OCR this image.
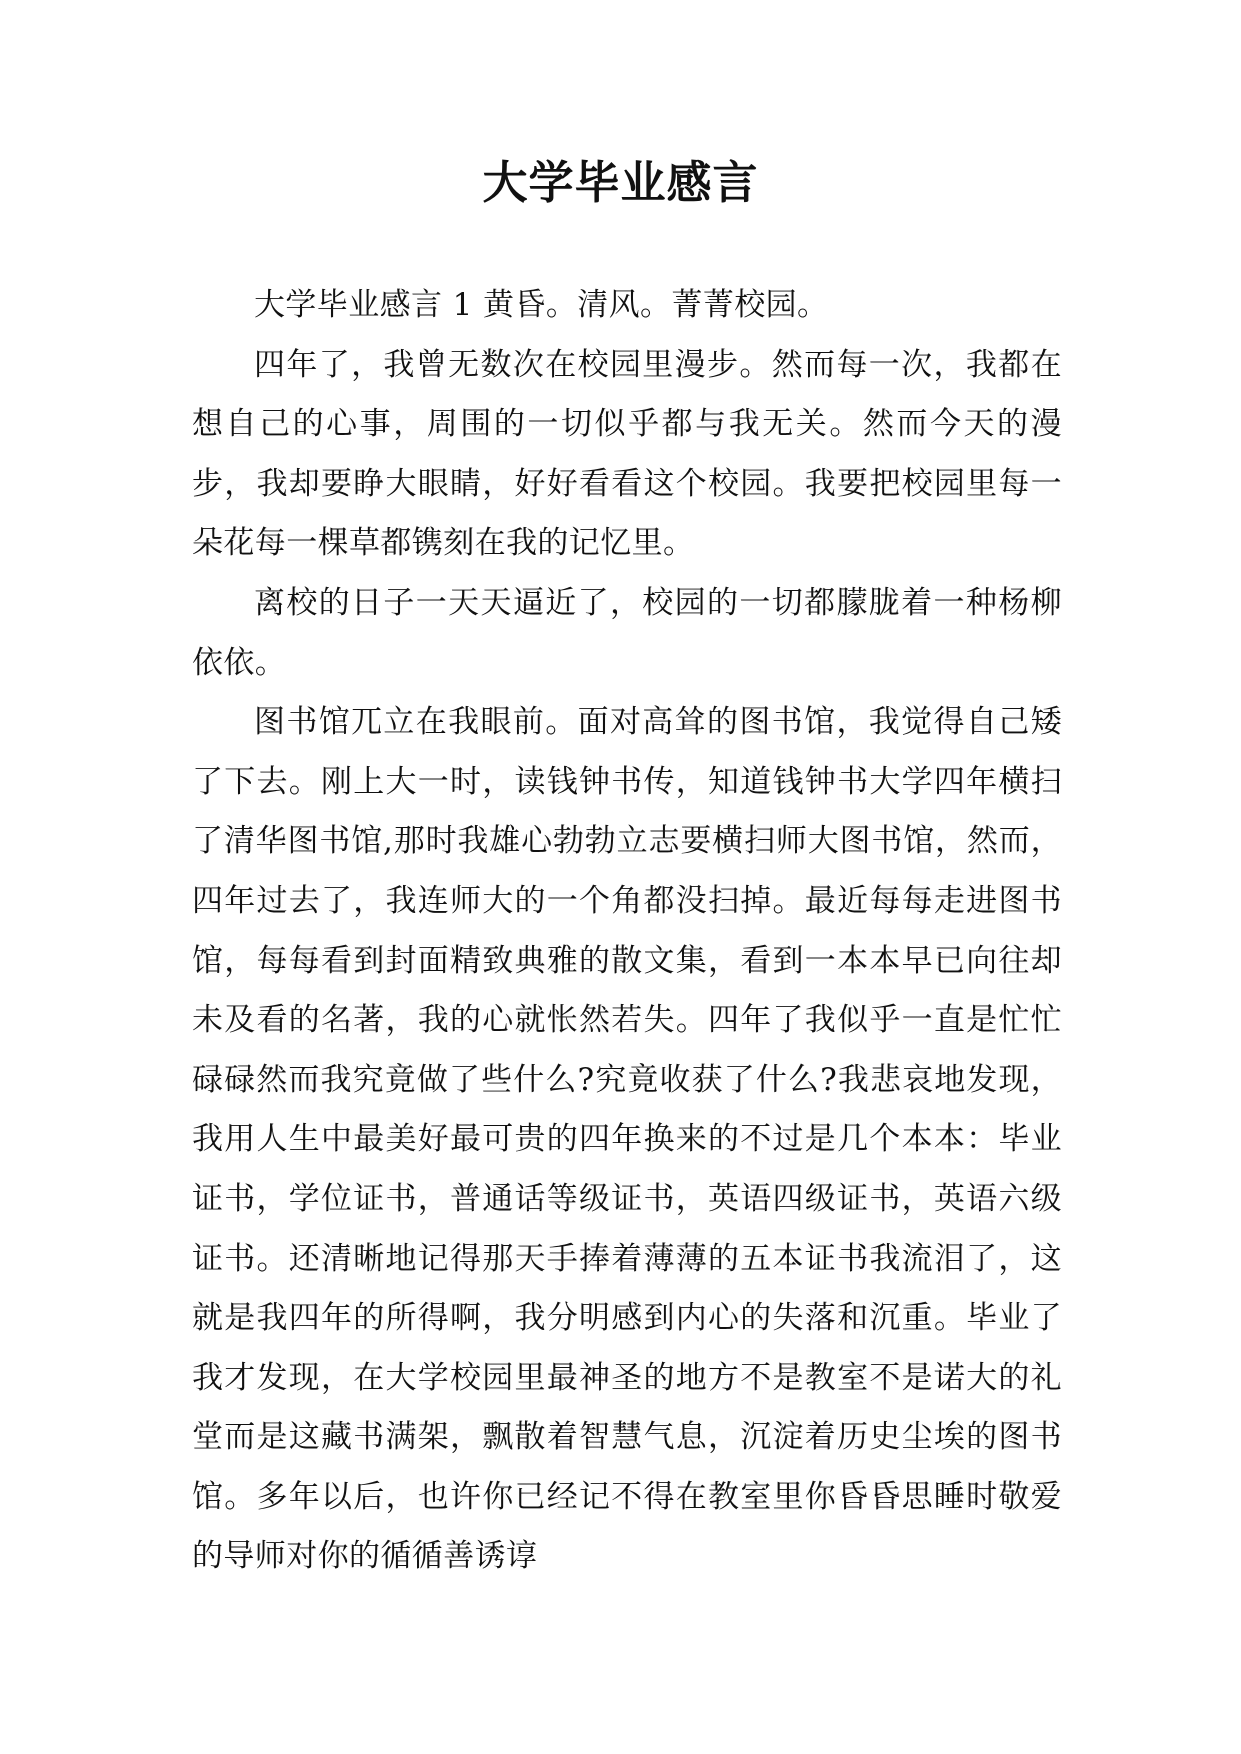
大学毕业感言

大学毕业感言 1 黄昏。清风。菁菁校园。

四年了，我曾无数次在校园里漫步。然而每一次，我都在想自己的心事，周围的一切似乎都与我无关。然而今天的漫步，我却要睁大眼睛，好好看看这个校园。我要把校园里每一朵花每一棵草都镌刻在我的记忆里。

离校的日子一天天逼近了，校园的一切都朦胧着一种杨柳依依。

图书馆兀立在我眼前。面对高耸的图书馆，我觉得自己矮了下去。刚上大一时，读钱钟书传，知道钱钟书大学四年横扫了清华图书馆,那时我雄心勃勃立志要横扫师大图书馆，然而，四年过去了，我连师大的一个角都没扫掉。最近每每走进图书馆，每每看到封面精致典雅的散文集，看到一本本早已向往却未及看的名著，我的心就怅然若失。四年了我似乎一直是忙忙碌碌然而我究竟做了些什么?究竟收获了什么?我悲哀地发现，我用人生中最美好最可贵的四年换来的不过是几个本本：毕业证书，学位证书，普通话等级证书，英语四级证书，英语六级证书。还清晰地记得那天手捧着薄薄的五本证书我流泪了，这就是我四年的所得啊，我分明感到内心的失落和沉重。毕业了我才发现，在大学校园里最神圣的地方不是教室不是诺大的礼堂而是这藏书满架，飘散着智慧气息，沉淀着历史尘埃的图书馆。多年以后，也许你已经记不得在教室里你昏昏思睡时敬爱的导师对你的循循善诱谆
